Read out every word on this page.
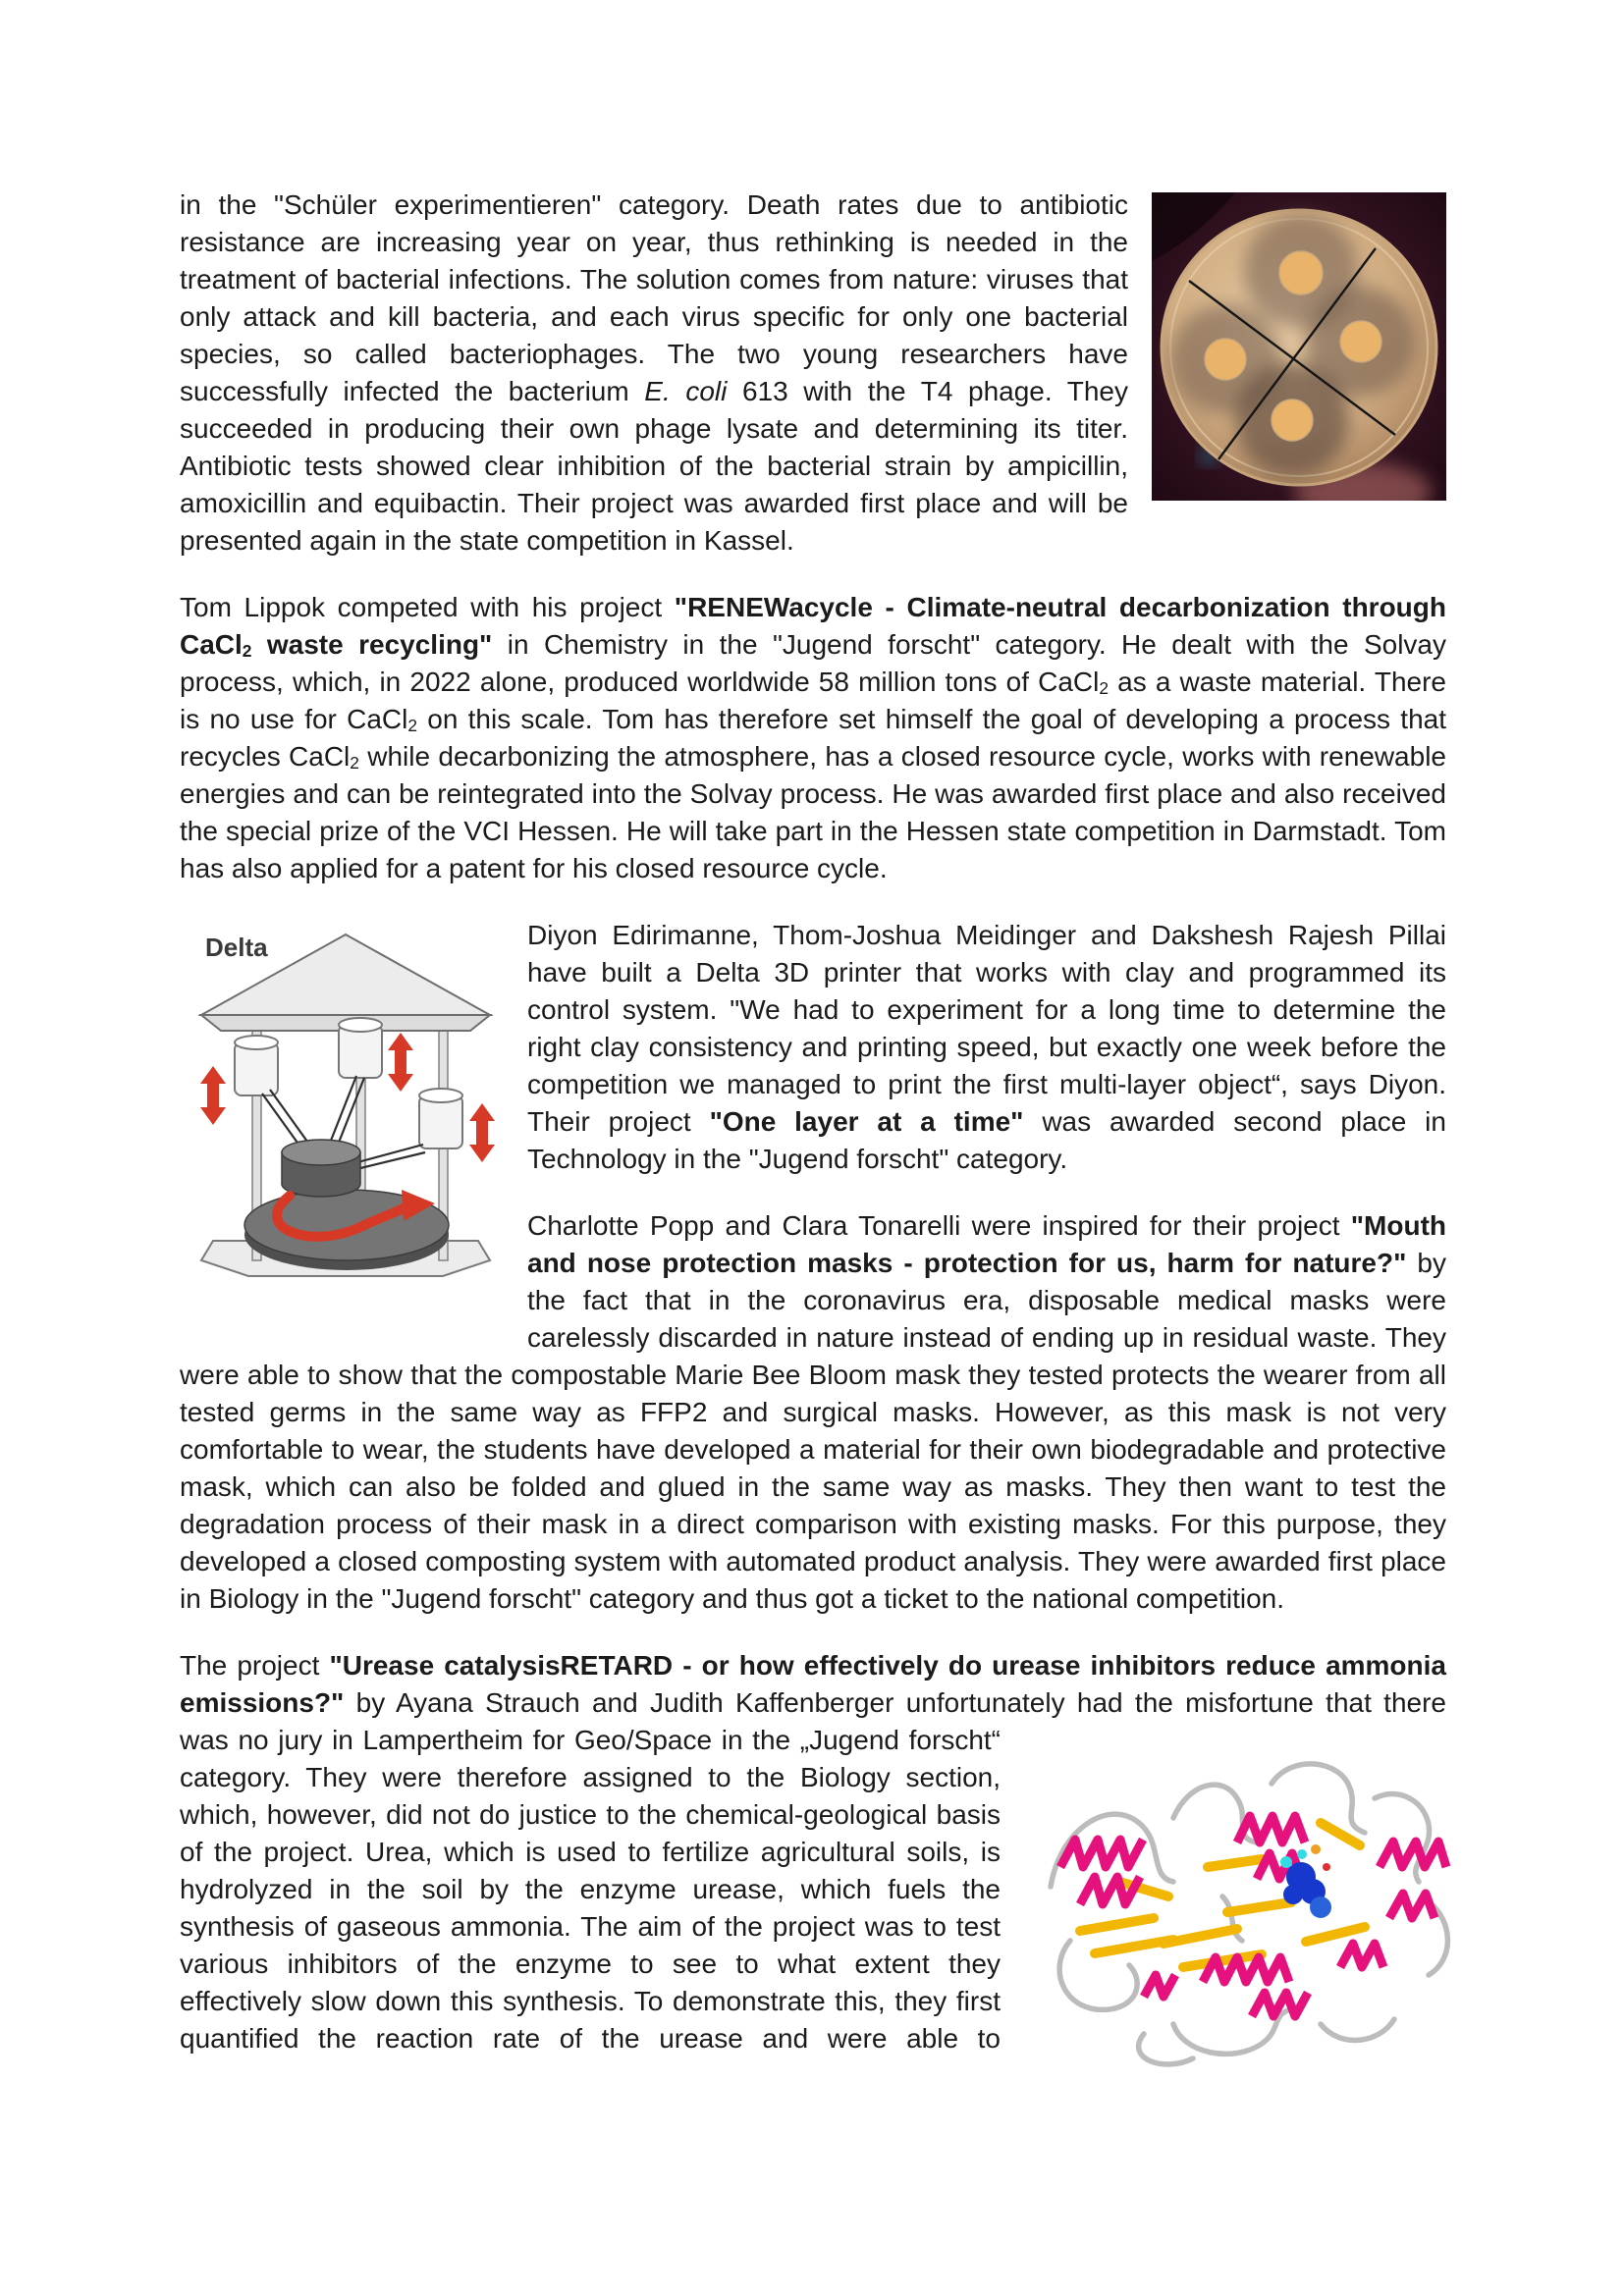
in the "Schüler experimentieren" category. Death rates due to antibiotic resistance are increasing year on year, thus rethinking is needed in the treatment of bacterial infections. The solution comes from nature: viruses that only attack and kill bacteria, and each virus specific for only one bacterial species, so called bacteriophages. The two young researchers have successfully infected the bacterium E. coli 613 with the T4 phage. They succeeded in producing their own phage lysate and determining its titer. Antibiotic tests showed clear inhibition of the bacterial strain by ampicillin, amoxicillin and equibactin. Their project was awarded first place and will be presented again in the state competition in Kassel.

Tom Lippok competed with his project "RENEWacycle - Climate-neutral decarbonization through CaCl$_2$ waste recycling" in Chemistry in the "Jugend forscht" category. He dealt with the Solvay process, which, in 2022 alone, produced worldwide 58 million tons of CaCl$_2$ as a waste material. There is no use for CaCl$_2$ on this scale. Tom has therefore set himself the goal of developing a process that recycles CaCl$_2$ while decarbonizing the atmosphere, has a closed resource cycle, works with renewable energies and can be reintegrated into the Solvay process. He was awarded first place and also received the special prize of the VCI Hessen. He will take part in the Hessen state competition in Darmstadt. Tom has also applied for a patent for his closed resource cycle.

Delta	Diyon Edirimanne, Thom-Joshua Meidinger and Dakshesh Rajesh Pillai have built a Delta 3D printer that works with clay and programmed its control system. "We had to experiment for a long time to determine the right clay consistency and printing speed, but exactly one week before the competition we managed to print the first multi-layer object“, says Diyon. Their project "One layer at a time" was awarded second place in Technology in the "Jugend forscht" category.

Charlotte Popp and Clara Tonarelli were inspired for their project "Mouth and nose protection masks - protection for us, harm for nature?" by the fact that in the coronavirus era, disposable medical masks were carelessly discarded in nature instead of ending up in residual waste. They were able to show that the compostable Marie Bee Bloom mask they tested protects the wearer from all tested germs in the same way as FFP2 and surgical masks. However, as this mask is not very comfortable to wear, the students have developed a material for their own biodegradable and protective mask, which can also be folded and glued in the same way as masks. They then want to test the degradation process of their mask in a direct comparison with existing masks. For this purpose, they developed a closed composting system with automated product analysis. They were awarded first place in Biology in the "Jugend forscht" category and thus got a ticket to the national competition.

The project "Urease catalysisRETARD - or how effectively do urease inhibitors reduce ammonia emissions?" by Ayana Strauch and Judith Kaffenberger unfortunately had the misfortune that there

was no jury in Lampertheim for Geo/Space in the „Jugend forscht“ category. They were therefore assigned to the Biology section, which, however, did not do justice to the chemical-geological basis of the project. Urea, which is used to fertilize agricultural soils, is hydrolyzed in the soil by the enzyme urease, which fuels the synthesis of gaseous ammonia. The aim of the project was to test various inhibitors of the enzyme to see to what extent they effectively slow down this synthesis. To demonstrate this, they first quantified the reaction rate of the urease and were able to
